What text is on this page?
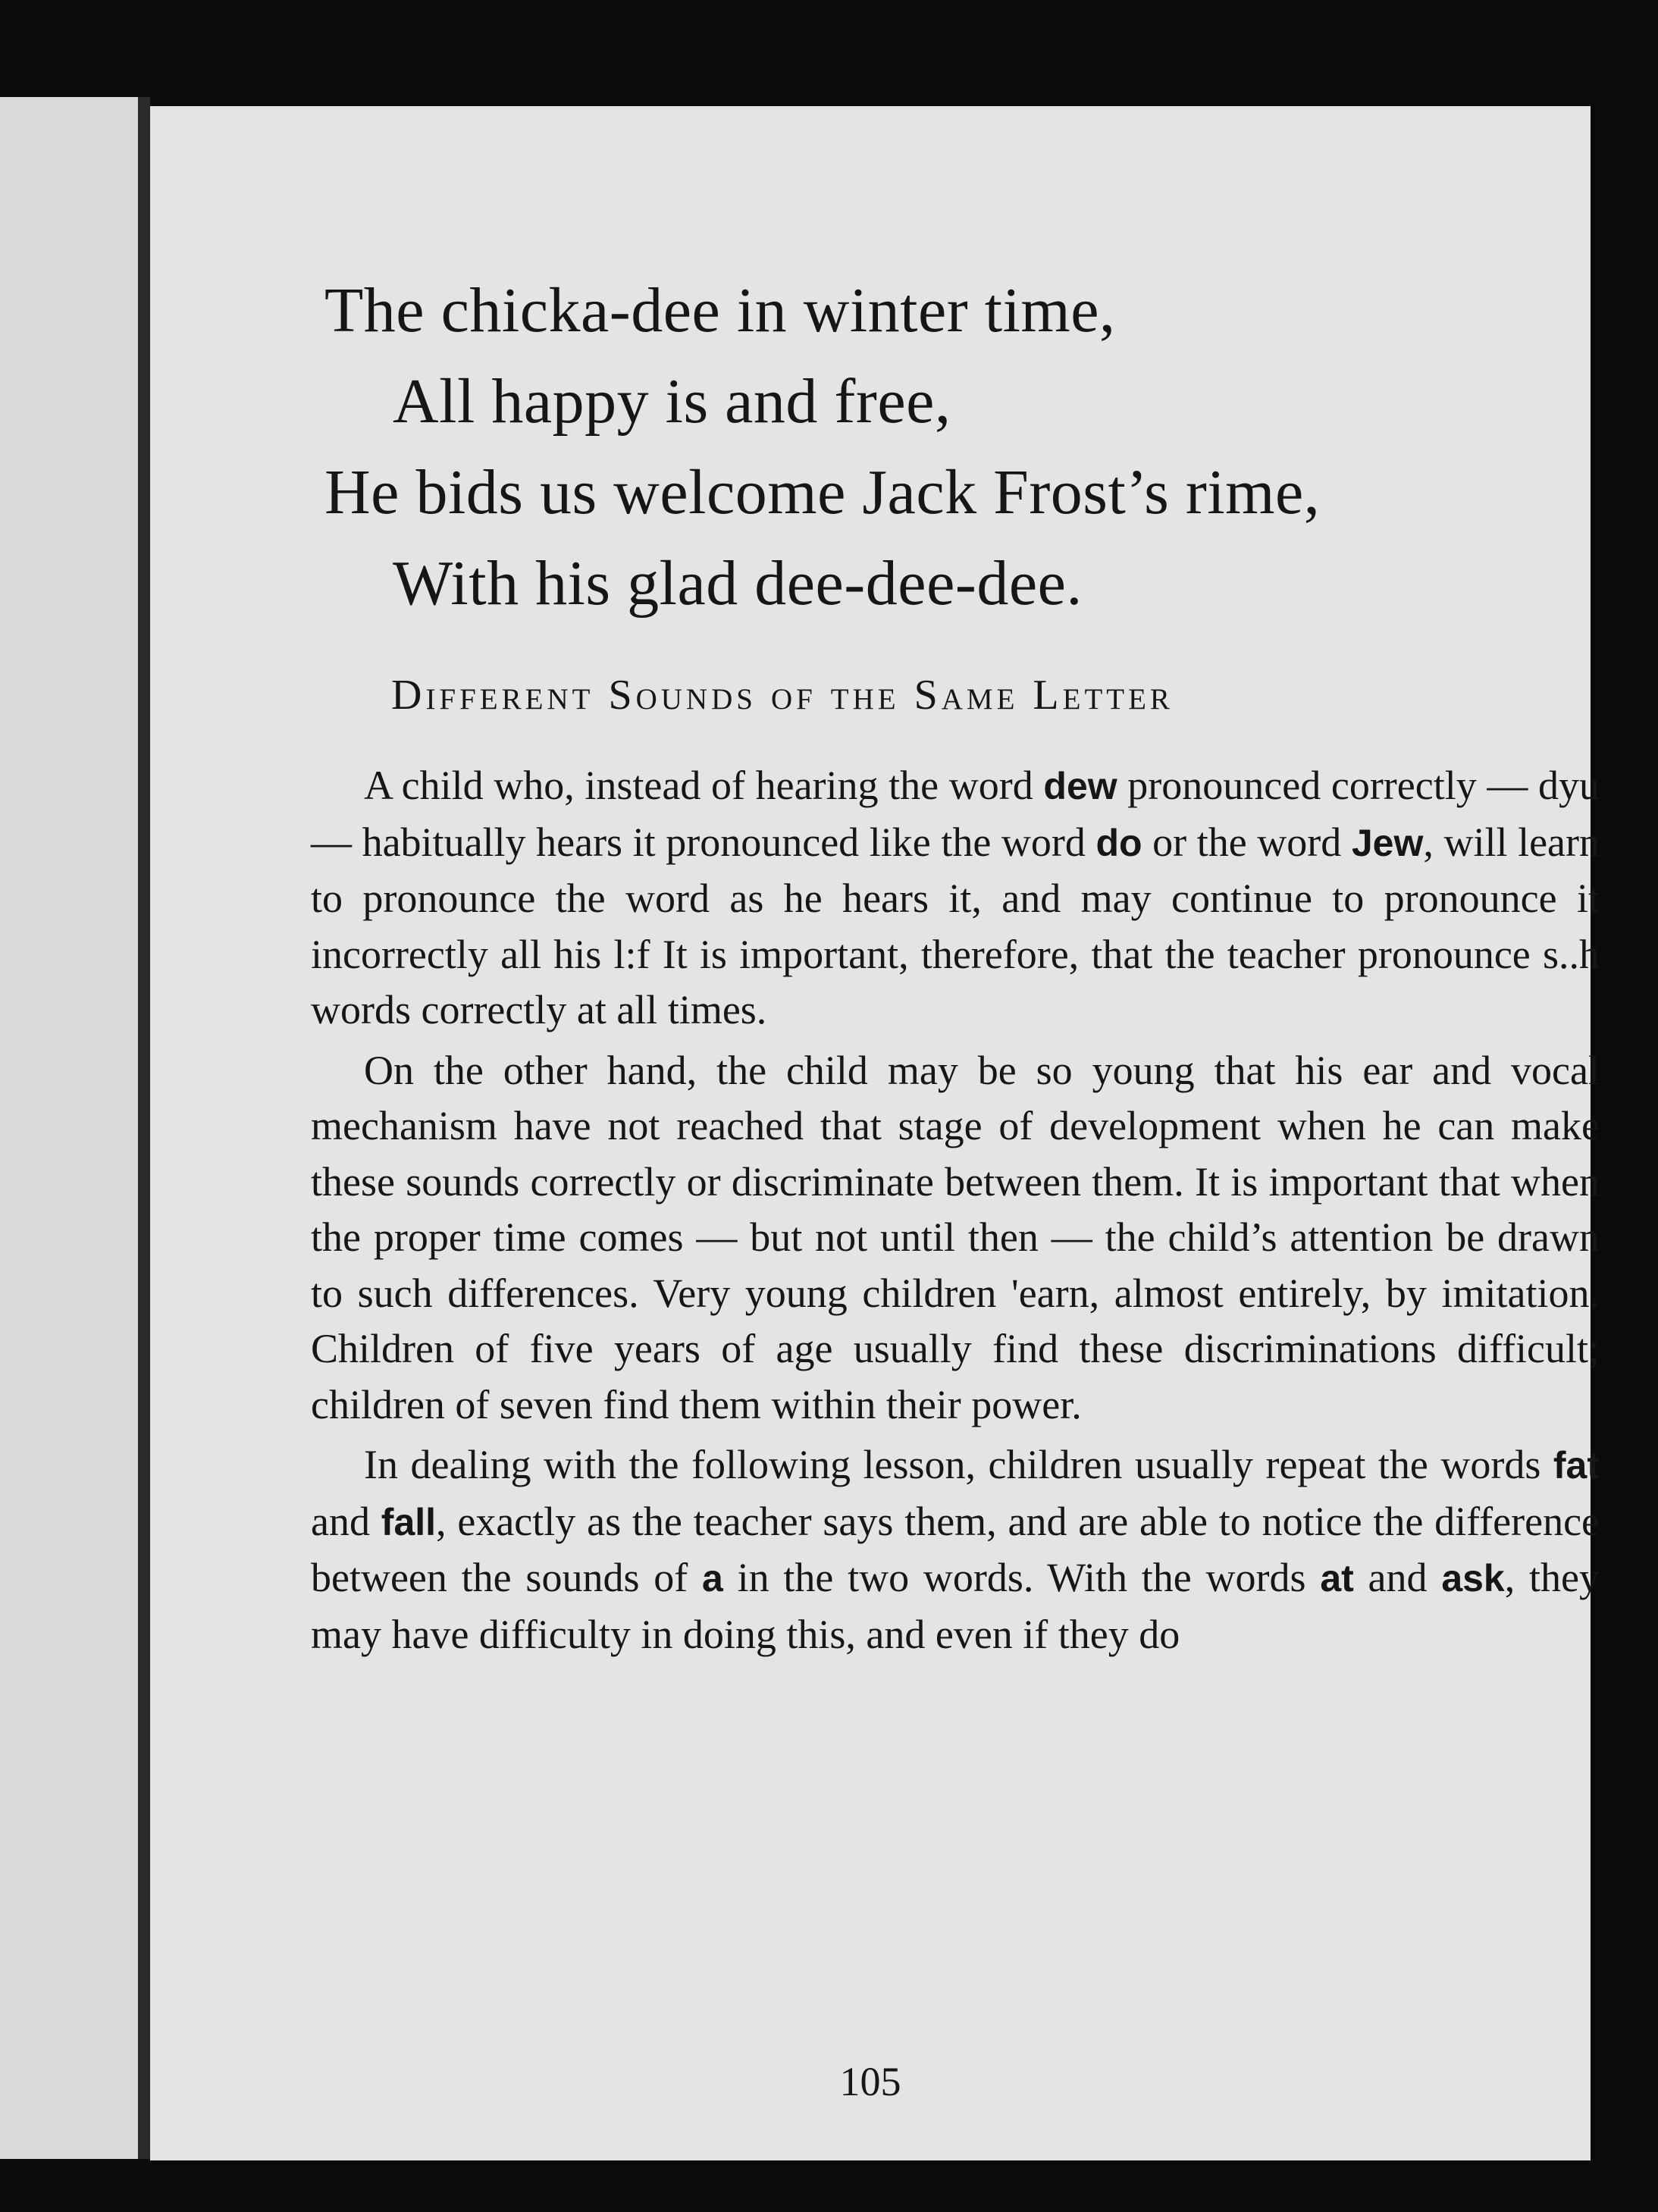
The chicka-dee in winter time,
All happy is and free,
He bids us welcome Jack Frost’s rime,
With his glad dee-dee-dee.
Different Sounds of the Same Letter

A child who, instead of hearing the word dew pronounced correctly — dyu — habitually hears it pronounced like the word do or the word Jew, will learn to pronounce the word as he hears it, and may continue to pronounce it incorrectly all his l:f It is important, therefore, that the teacher pronounce s..h words correctly at all times.

On the other hand, the child may be so young that his ear and vocal mechanism have not reached that stage of development when he can make these sounds correctly or discriminate between them. It is important that when the proper time comes — but not until then — the child’s attention be drawn to such differences. Very young children 'earn, almost entirely, by imitation. Children of five years of age usually find these discriminations difficult; children of seven find them within their power.

In dealing with the following lesson, children usually repeat the words fat and fall, exactly as the teacher says them, and are able to notice the difference between the sounds of a in the two words. With the words at and ask, they may have difficulty in doing this, and even if they do

105
